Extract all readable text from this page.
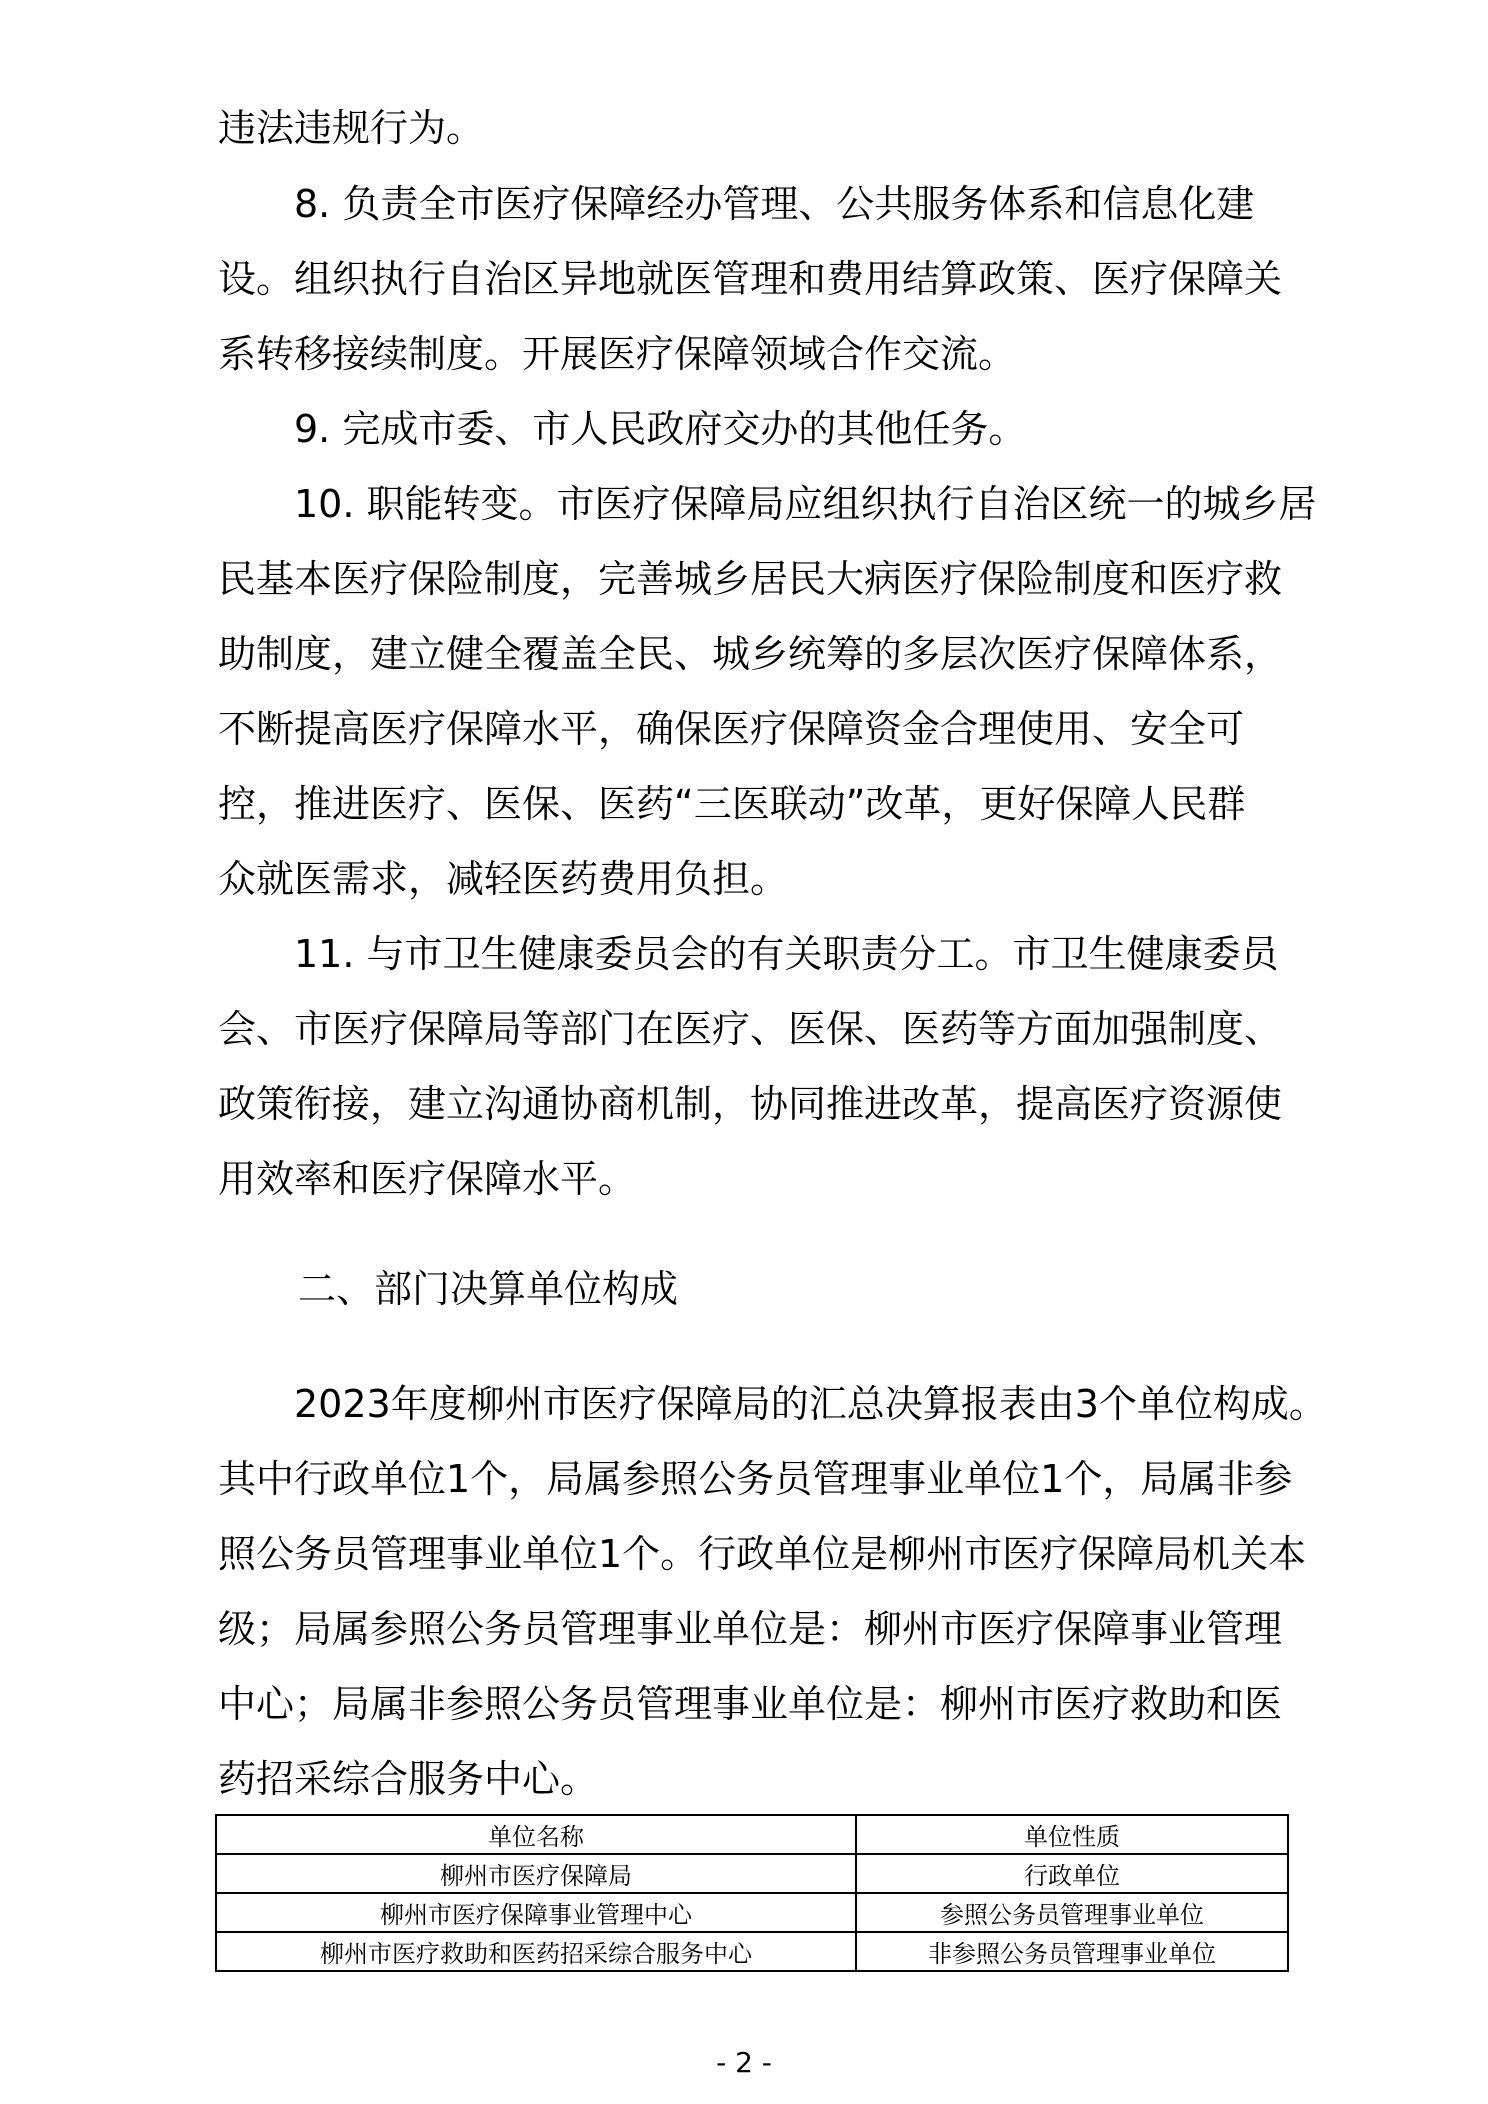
违法违规行为。
8. 负责全市医疗保障经办管理、公共服务体系和信息化建
设。组织执行自治区异地就医管理和费用结算政策、医疗保障关
系转移接续制度。开展医疗保障领域合作交流。
9. 完成市委、市人民政府交办的其他任务。
10. 职能转变。市医疗保障局应组织执行自治区统一的城乡居
民基本医疗保险制度，完善城乡居民大病医疗保险制度和医疗救
助制度，建立健全覆盖全民、城乡统筹的多层次医疗保障体系，
不断提高医疗保障水平，确保医疗保障资金合理使用、安全可
控，推进医疗、医保、医药“三医联动”改革，更好保障人民群
众就医需求，减轻医药费用负担。
11. 与市卫生健康委员会的有关职责分工。市卫生健康委员
会、市医疗保障局等部门在医疗、医保、医药等方面加强制度、
政策衔接，建立沟通协商机制，协同推进改革，提高医疗资源使
用效率和医疗保障水平。
二、部门决算单位构成
2023年度柳州市医疗保障局的汇总决算报表由3个单位构成。
其中行政单位1个，局属参照公务员管理事业单位1个，局属非参
照公务员管理事业单位1个。行政单位是柳州市医疗保障局机关本
级；局属参照公务员管理事业单位是：柳州市医疗保障事业管理
中心；局属非参照公务员管理事业单位是：柳州市医疗救助和医
药招采综合服务中心。
单位名称	单位性质
柳州市医疗保障局	行政单位
柳州市医疗保障事业管理中心	参照公务员管理事业单位
柳州市医疗救助和医药招采综合服务中心	非参照公务员管理事业单位
- 2 -
